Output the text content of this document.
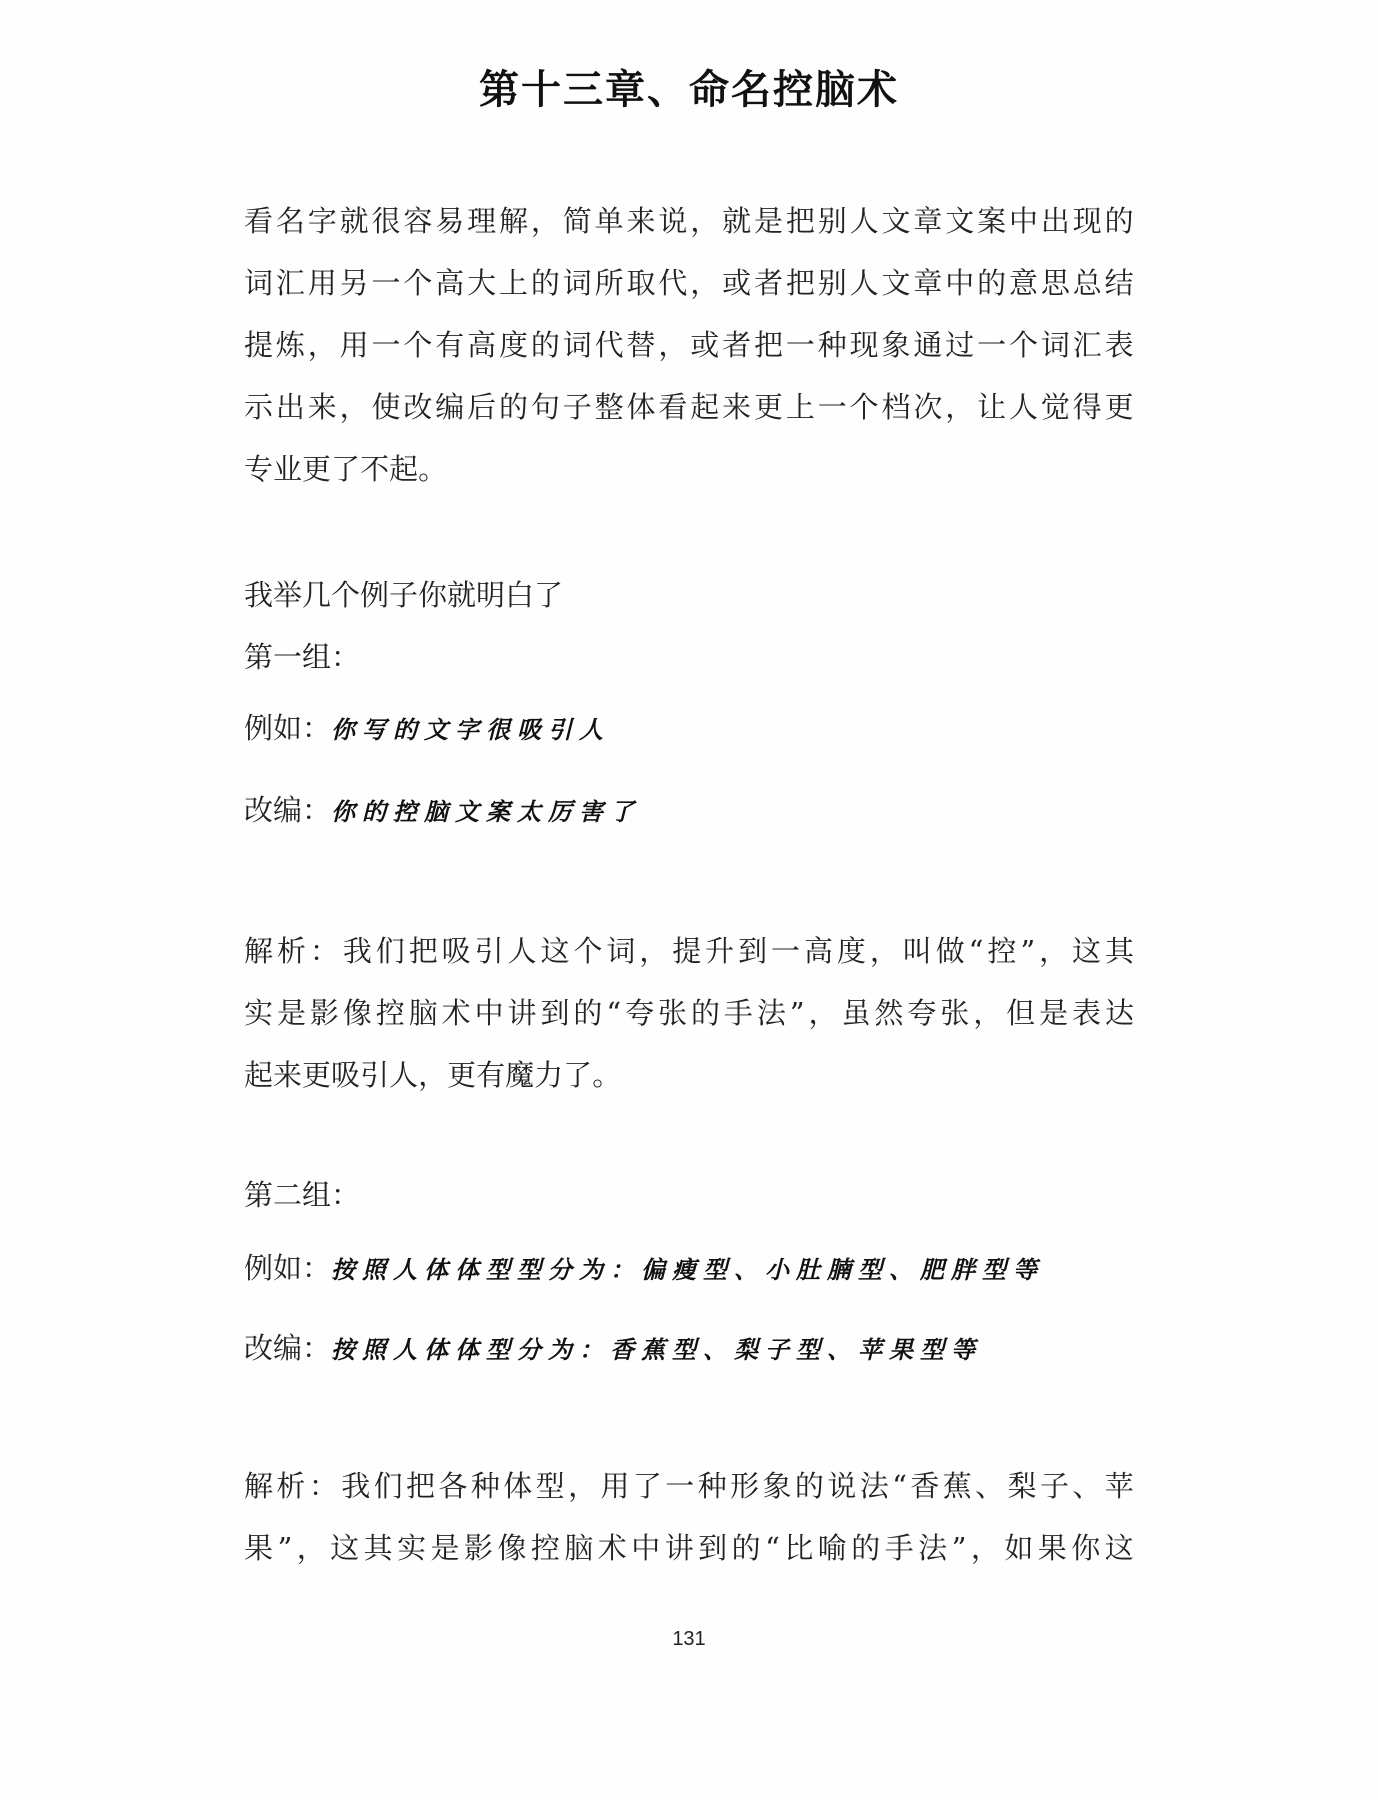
第十三章、命名控脑术
看 名 字 就 很 容 易 理 解 ， 简 单 来 说 ， 就 是 把 别 人 文 章 文 案 中 出 现 的
词 汇 用 另 一 个 高 大 上 的 词 所 取 代 ， 或 者 把 别 人 文 章 中 的 意 思 总 结
提 炼 ， 用 一 个 有 高 度 的 词 代 替 ， 或 者 把 一 种 现 象 通 过 一 个 词 汇 表
示 出 来 ， 使 改 编 后 的 句 子 整 体 看 起 来 更 上 一 个 档 次 ， 让 人 觉 得 更
专 业 更 了 不 起 。
我举几个例子你就明白了
第一组：
例如：你写的文字很吸引人
改编：你的控脑文案太厉害了
解 析 ： 我 们 把 吸 引 人 这 个 词 ， 提 升 到 一 高 度 ， 叫 做 “ 控 ” ， 这 其
实 是 影 像 控 脑 术 中 讲 到 的 “ 夸 张 的 手 法 ” ， 虽 然 夸 张 ， 但 是 表 达
起 来 更 吸 引 人 ， 更 有 魔 力 了 。
第二组：
例如：按照人体体型型分为：偏瘦型、小肚腩型、肥胖型等
改编：按照人体体型分为：香蕉型、梨子型、苹果型等
解 析 ： 我 们 把 各 种 体 型 ， 用 了 一 种 形 象 的 说 法 “ 香 蕉 、 梨 子 、 苹
果 ” ， 这 其 实 是 影 像 控 脑 术 中 讲 到 的 “ 比 喻 的 手 法 ” ， 如 果 你 这
131
